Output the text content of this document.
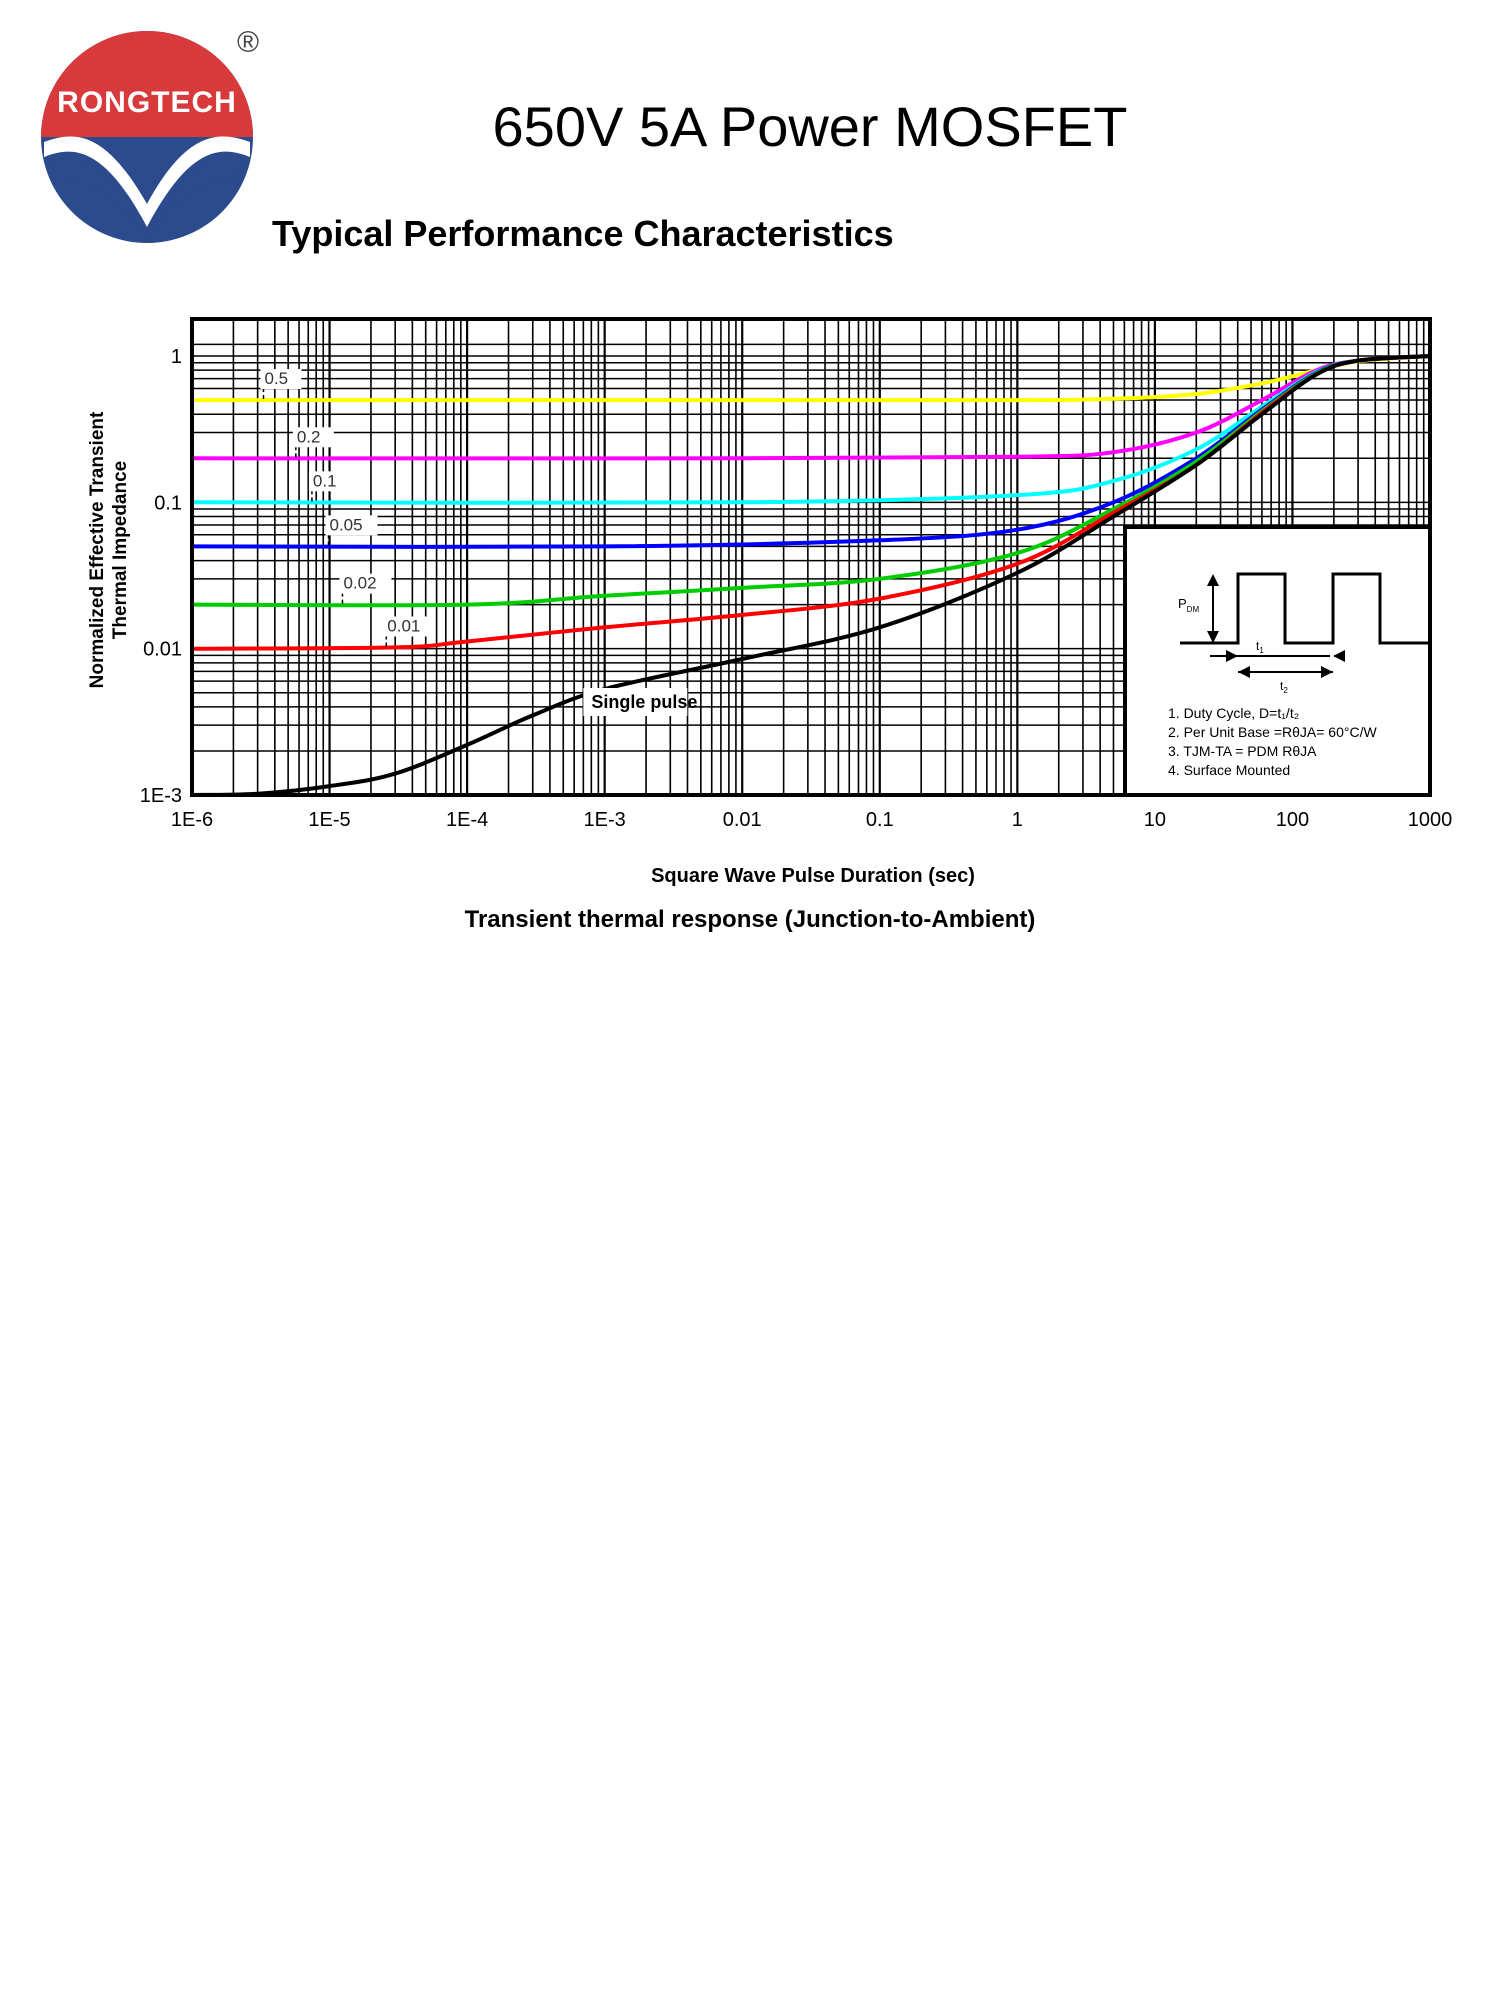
RONGTECH
®
650V 5A Power MOSFET
Typical Performance Characteristics
0.5
0.2
0.1
0.05
0.02
0.01
Single pulse
1E-6	1E-5	1E-4	1E-3	0.01	0.1	1	10	100	1000
1
0.1
0.01
1E-3
Square Wave Pulse Duration (sec)
Normalized Effective Transient Thermal Impedance	$P_{DM}$
$t_1$
$t_2$
1. Duty Cycle, D=t₁/t₂
2. Per Unit Base =RθJA= 60°C/W
3. TJM-TA = PDM RθJA
4. Surface Mounted
Transient thermal response (Junction-to-Ambient)
